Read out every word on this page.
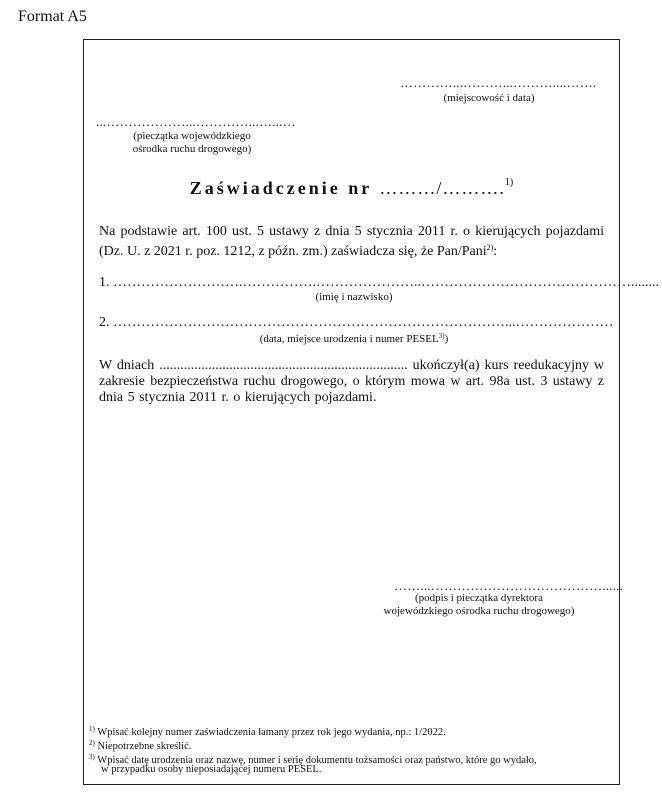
Format A5
…………...………...………....…….
(miejscowość i data)
...………………...…………...…...…
(pieczątka wojewódzkiego
ośrodka ruchu drogowego)
Zaświadczenie nr ………/……….$^{1)}$
Na podstawie art. 100 ust. 5 ustawy z dnia 5 stycznia 2011 r. o kierujących pojazdami (Dz. U. z 2021 r. poz. 1212, z późn. zm.) zaświadcza się, że Pan/Pani$^{2)}$:
1. ……………………….…………….…………………..………………………………………........
(imię i nazwisko)
2. …………………………………………………………………………...…………………
(data, miejsce urodzenia i numer PESEL$^{3)}$)
W dniach ....................................................................... ukończył(a) kurs reedukacyjny w zakresie bezpieczeństwa ruchu drogowego, o którym mowa w art. 98a ust. 3 ustawy z dnia 5 stycznia 2011 r. o kierujących pojazdami.
……...…………………………………......
(podpis i pieczątka dyrektora
wojewódzkiego ośrodka ruchu drogowego)
$^{1)}$ Wpisać kolejny numer zaświadczenia łamany przez rok jego wydania, np.: 1/2022.
$^{2)}$ Niepotrzebne skreślić.
$^{3)}$ Wpisać datę urodzenia oraz nazwę, numer i serię dokumentu tożsamości oraz państwo, które go wydało,
w przypadku osoby nieposiadającej numeru PESEL.
